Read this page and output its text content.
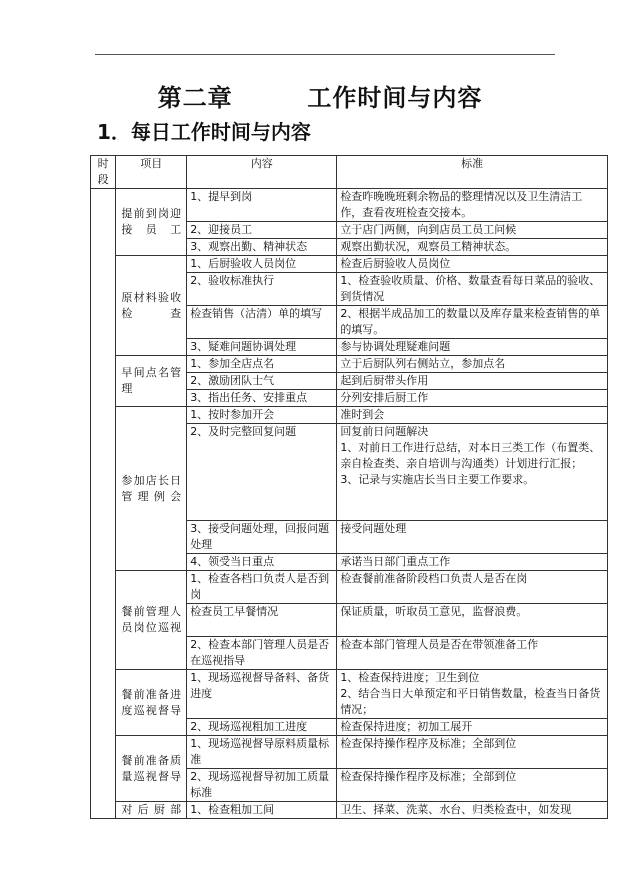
第二章        工作时间与内容
1．每日工作时间与内容
时段	项目	内容	标准

	提前到岗迎接员工	1、提早到岗	检查昨晚晚班剩余物品的整理情况以及卫生清洁工作，查看夜班检查交接本。
		2、迎接员工	立于店门两侧，向到店员工员工问候
		3、观察出勤、精神状态	观察出勤状况，观察员工精神状态。

	原材料验收检查	1、后厨验收人员岗位	检查后厨验收人员岗位
		2、验收标准执行	1、检查验收质量、价格、数量查看每日菜品的验收、到货情况
		检查销售（沽清）单的填写	2、根据半成品加工的数量以及库存量来检查销售的单的填写。
		3、疑难问题协调处理	参与协调处理疑难问题

	早间点名管理	1、参加全店点名	立于后厨队列右侧站立，参加点名
		2、激励团队士气	起到后厨带头作用
		3、指出任务、安排重点	分列安排后厨工作

	参加店长日管理例会	1、按时参加开会	准时到会
		2、及时完整回复问题	回复前日问题解决
1、对前日工作进行总结，对本日三类工作（布置类、亲自检查类、亲自培训与沟通类）计划进行汇报；
3、记录与实施店长当日主要工作要求。
		3、接受问题处理，回报问题处理	接受问题处理
		4、领受当日重点	承诺当日部门重点工作

	餐前管理人员岗位巡视	1、检查各档口负责人是否到岗	检查餐前准备阶段档口负责人是否在岗
		检查员工早餐情况	保证质量，听取员工意见，监督浪费。
		2、检查本部门管理人员是否在巡视指导	检查本部门管理人员是否在带领准备工作

	餐前准备进度巡视督导	1、现场巡视督导备料、备货进度	1、检查保持进度；卫生到位
2、结合当日大单预定和平日销售数量，检查当日备货情况；
		2、现场巡视粗加工进度	检查保持进度；初加工展开

	餐前准备质量巡视督导	1、现场巡视督导原料质量标准	检查保持操作程序及标准；全部到位
		2、现场巡视督导初加工质量标准	检查保持操作程序及标准；全部到位

	对后厨部	1、检查粗加工间	卫生、择菜、洗菜、水台、归类检查中，如发现
